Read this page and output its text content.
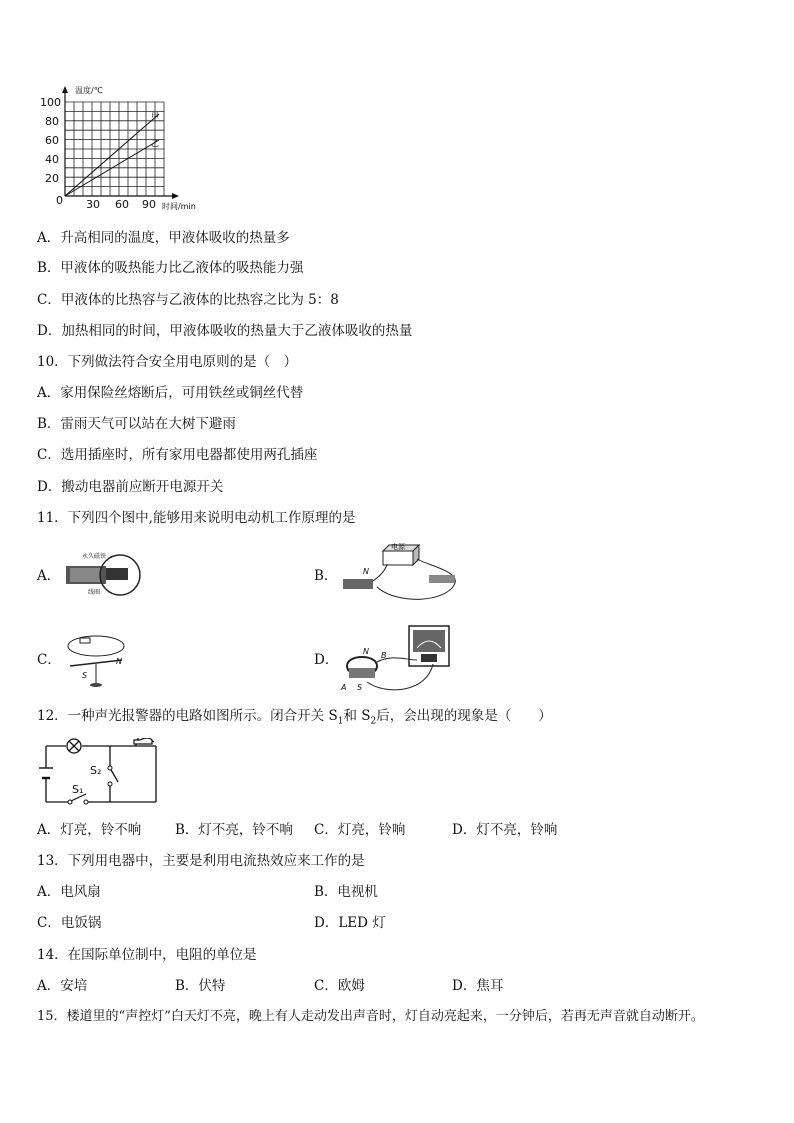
温度/℃
100
80
60
40
20
0 30 60 90 时间/min
甲
乙
A．升高相同的温度，甲液体吸收的热量多
B．甲液体的吸热能力比乙液体的吸热能力强
C．甲液体的比热容与乙液体的比热容之比为 5：8
D．加热相同的时间，甲液体吸收的热量大于乙液体吸收的热量
10．下列做法符合安全用电原则的是（　）
A．家用保险丝熔断后，可用铁丝或铜丝代替
B．雷雨天气可以站在大树下避雨
C．选用插座时，所有家用电器都使用两孔插座
D．搬动电器前应断开电源开关
11．下列四个图中,能够用来说明电动机工作原理的是
A．
永久磁铁
线圈
B．
电源
N
C．
S
N	D．
N
A S
B
12．一种声光报警器的电路如图所示。闭合开关 $S_1$和 $S_2$后，会出现的现象是（　　）
S₁
S₂
A．灯亮，铃不响	B．灯不亮，铃不响 C．灯亮，铃响	D．灯不亮，铃响
13．下列用电器中，主要是利用电流热效应来工作的是
A．电风扇	B．电视机
C．电饭锅	D．LED 灯
14．在国际单位制中，电阻的单位是
A．安培	B．伏特	C．欧姆	D．焦耳
15．楼道里的“声控灯”白天灯不亮，晚上有人走动发出声音时，灯自动亮起来，一分钟后，若再无声音就自动断开。
